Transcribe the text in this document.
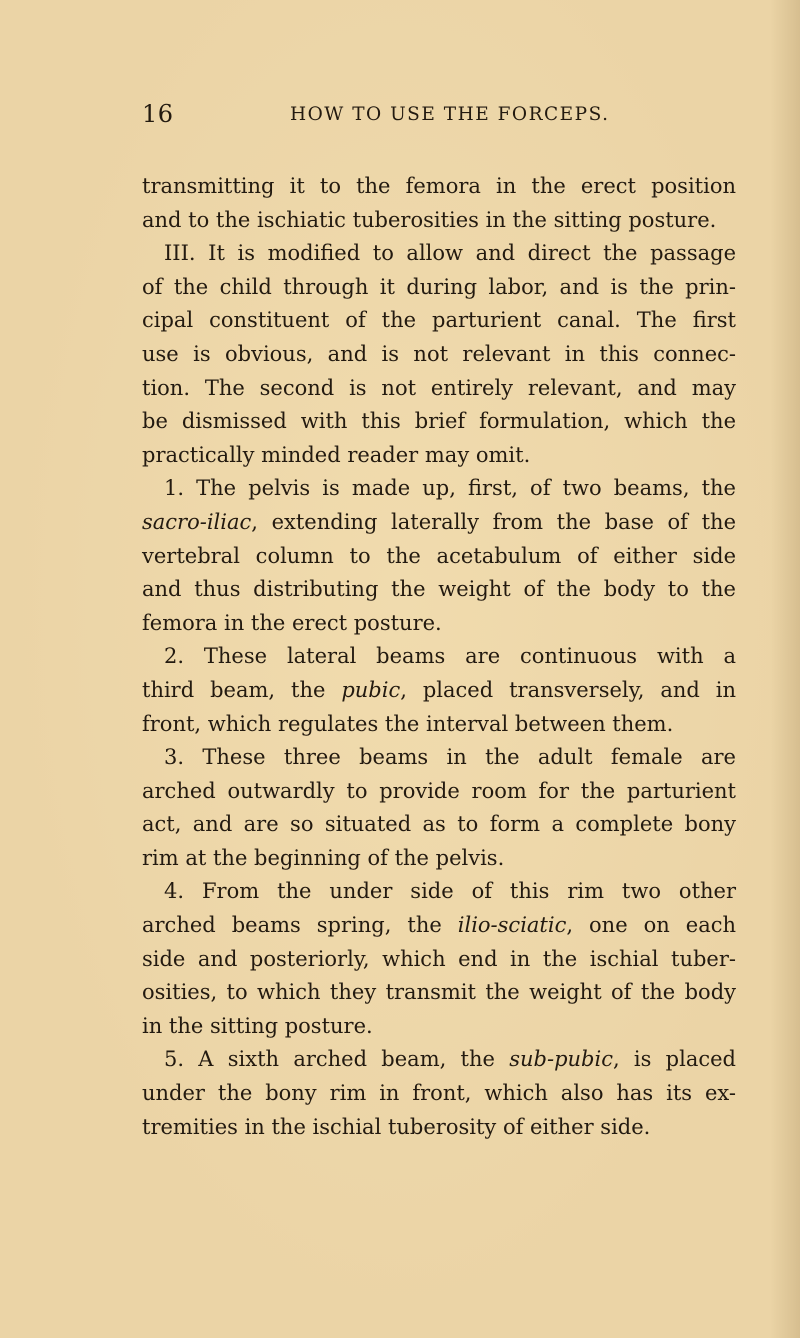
16	HOW TO USE THE FORCEPS.
transmitting it to the femora in the erect position
and to the ischiatic tuberosities in the sitting posture.
III. It is modified to allow and direct the passage
of the child through it during labor, and is the prin-
cipal constituent of the parturient canal. The first
use is obvious, and is not relevant in this connec-
tion. The second is not entirely relevant, and may
be dismissed with this brief formulation, which the
practically minded reader may omit.
1. The pelvis is made up, first, of two beams, the
sacro-iliac, extending laterally from the base of the
vertebral column to the acetabulum of either side
and thus distributing the weight of the body to the
femora in the erect posture.
2. These lateral beams are continuous with a
third beam, the pubic, placed transversely, and in
front, which regulates the interval between them.
3. These three beams in the adult female are
arched outwardly to provide room for the parturient
act, and are so situated as to form a complete bony
rim at the beginning of the pelvis.
4. From the under side of this rim two other
arched beams spring, the ilio-sciatic, one on each
side and posteriorly, which end in the ischial tuber-
osities, to which they transmit the weight of the body
in the sitting posture.
5. A sixth arched beam, the sub-pubic, is placed
under the bony rim in front, which also has its ex-
tremities in the ischial tuberosity of either side.
